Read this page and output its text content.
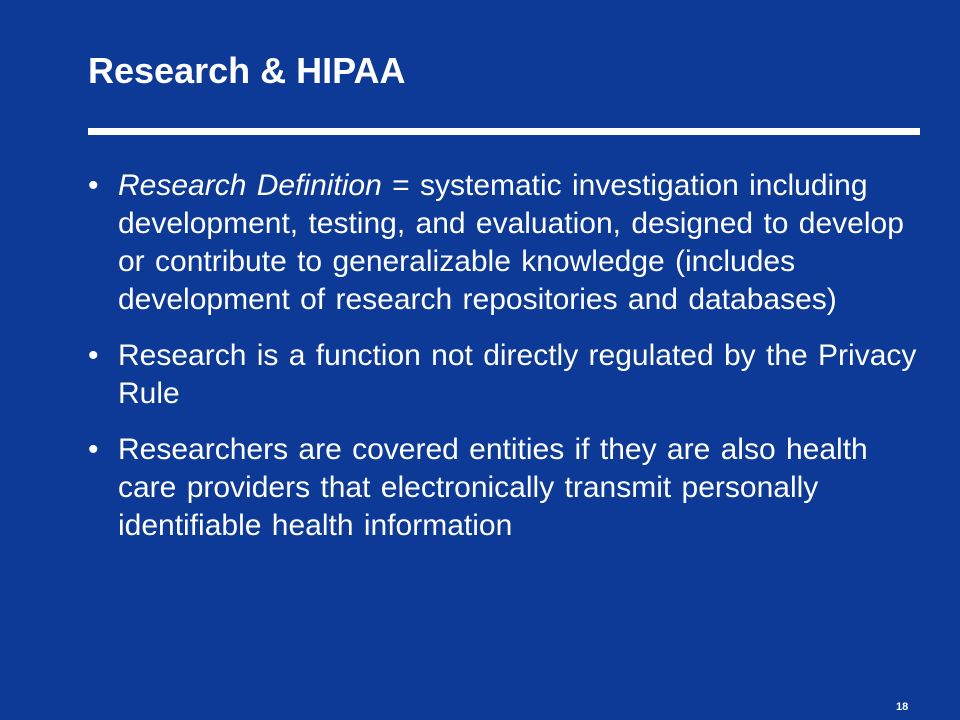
Research & HIPAA
• Research Definition = systematic investigation including development, testing, and evaluation, designed to develop or contribute to generalizable knowledge (includes development of research repositories and databases)
• Research is a function not directly regulated by the Privacy Rule
• Researchers are covered entities if they are also health care providers that electronically transmit personally identifiable health information
18
